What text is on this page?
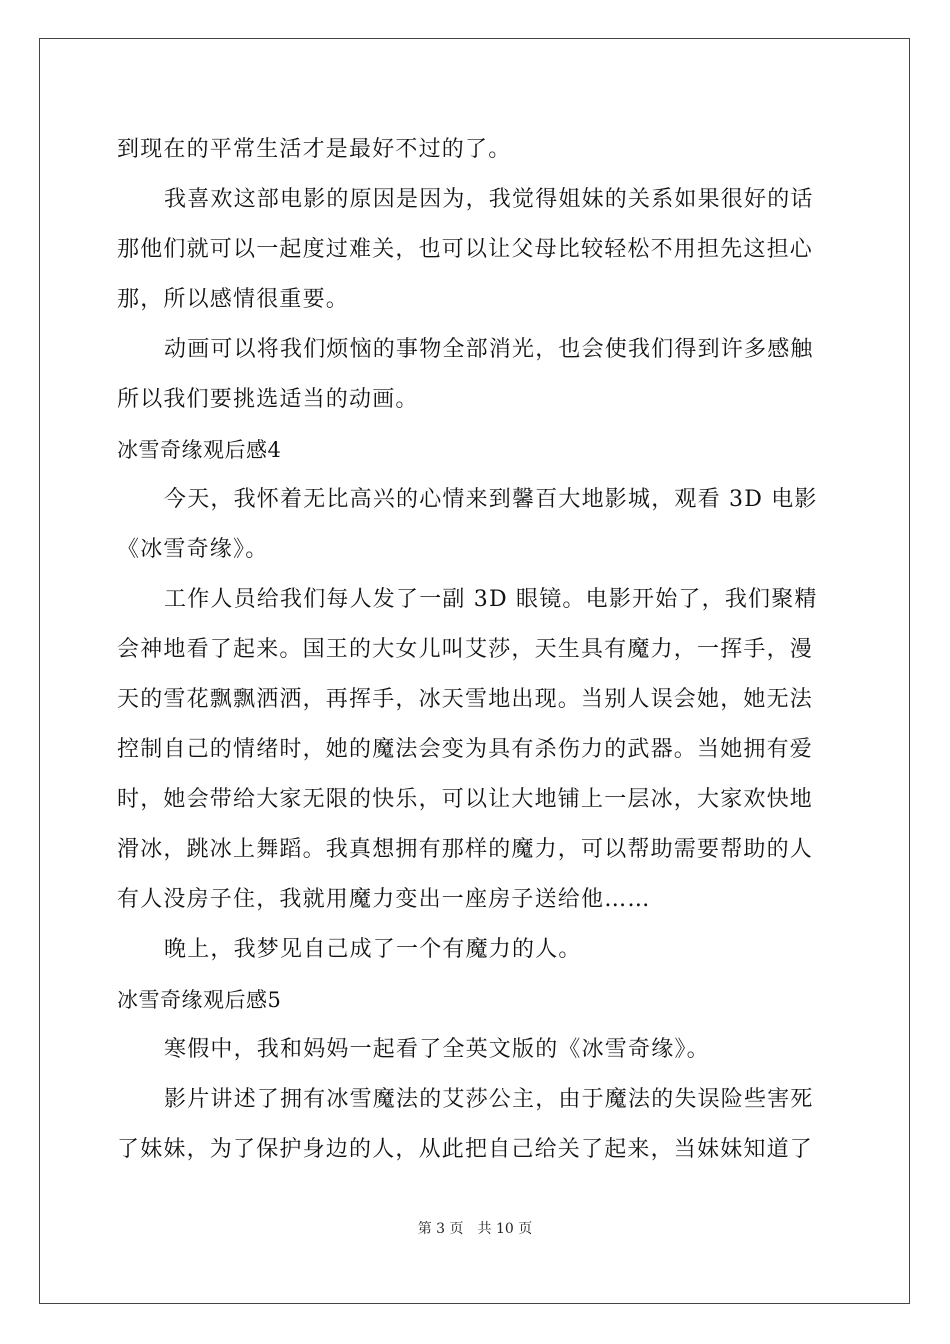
到现在的平常生活才是最好不过的了。
我喜欢这部电影的原因是因为，我觉得姐妹的关系如果很好的话
那他们就可以一起度过难关，也可以让父母比较轻松不用担先这担心
那，所以感情很重要。
动画可以将我们烦恼的事物全部消光，也会使我们得到许多感触
所以我们要挑选适当的动画。
冰雪奇缘观后感4
今天，我怀着无比高兴的心情来到馨百大地影城，观看 3D 电影
《冰雪奇缘》。
工作人员给我们每人发了一副 3D 眼镜。电影开始了，我们聚精
会神地看了起来。国王的大女儿叫艾莎，天生具有魔力，一挥手，漫
天的雪花飘飘洒洒，再挥手，冰天雪地出现。当别人误会她，她无法
控制自己的情绪时，她的魔法会变为具有杀伤力的武器。当她拥有爱
时，她会带给大家无限的快乐，可以让大地铺上一层冰，大家欢快地
滑冰，跳冰上舞蹈。我真想拥有那样的魔力，可以帮助需要帮助的人
有人没房子住，我就用魔力变出一座房子送给他……
晚上，我梦见自己成了一个有魔力的人。
冰雪奇缘观后感5
寒假中，我和妈妈一起看了全英文版的《冰雪奇缘》。
影片讲述了拥有冰雪魔法的艾莎公主，由于魔法的失误险些害死
了妹妹，为了保护身边的人，从此把自己给关了起来，当妹妹知道了
第 3 页 共 10 页
